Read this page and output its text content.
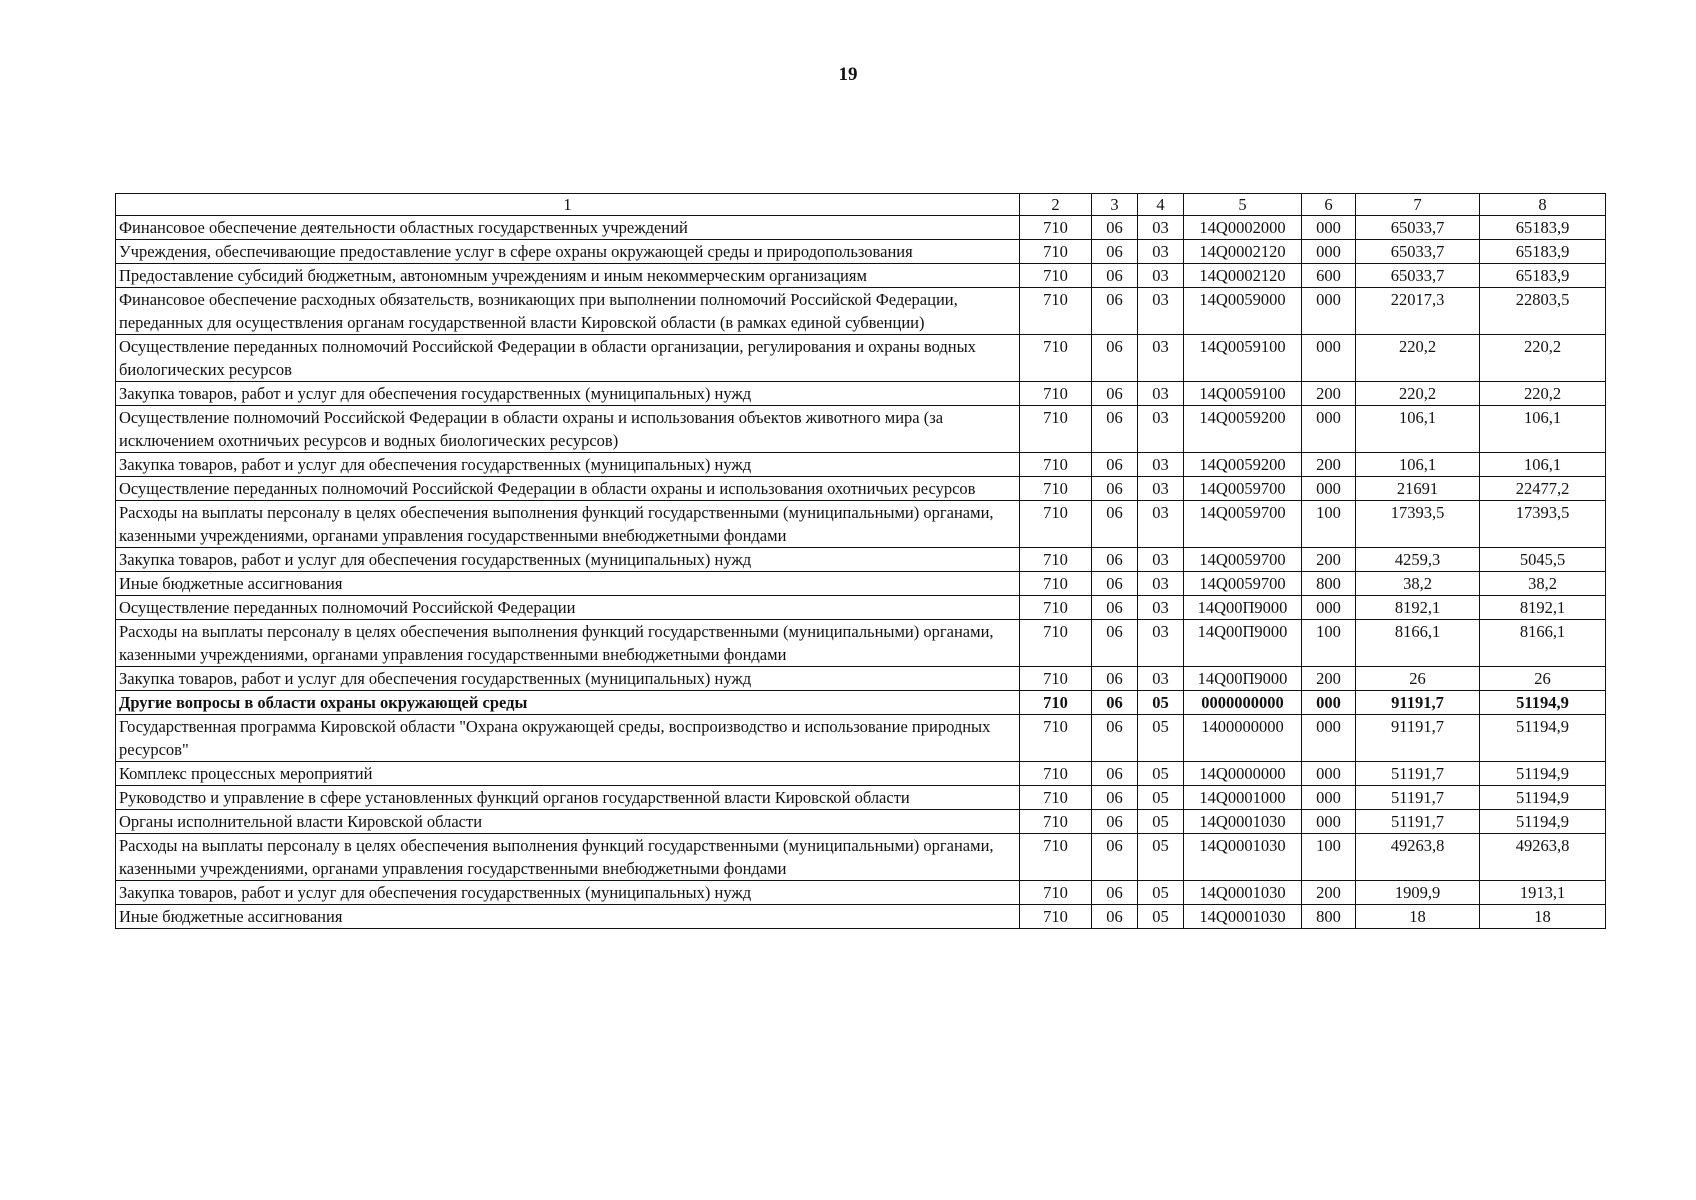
19
1	2	3	4	5	6	7	8
Финансовое обеспечение деятельности областных государственных учреждений	710	06	03	14Q0002000	000	65033,7	65183,9
Учреждения, обеспечивающие предоставление услуг в сфере охраны окружающей среды и природопользования	710	06	03	14Q0002120	000	65033,7	65183,9
Предоставление субсидий бюджетным, автономным учреждениям и иным некоммерческим организациям	710	06	03	14Q0002120	600	65033,7	65183,9
Финансовое обеспечение расходных обязательств, возникающих при выполнении полномочий Российской Федерации, переданных для осуществления органам государственной власти Кировской области (в рамках единой субвенции)	710	06	03	14Q0059000	000	22017,3	22803,5
Осуществление переданных полномочий Российской Федерации в области организации, регулирования и охраны водных биологических ресурсов	710	06	03	14Q0059100	000	220,2	220,2
Закупка товаров, работ и услуг для обеспечения государственных (муниципальных) нужд	710	06	03	14Q0059100	200	220,2	220,2
Осуществление полномочий Российской Федерации в области охраны и использования объектов животного мира (за исключением охотничьих ресурсов и водных биологических ресурсов)	710	06	03	14Q0059200	000	106,1	106,1
Закупка товаров, работ и услуг для обеспечения государственных (муниципальных) нужд	710	06	03	14Q0059200	200	106,1	106,1
Осуществление переданных полномочий Российской Федерации в области охраны и использования охотничьих ресурсов	710	06	03	14Q0059700	000	21691	22477,2
Расходы на выплаты персоналу в целях обеспечения выполнения функций государственными (муниципальными) органами, казенными учреждениями, органами управления государственными внебюджетными фондами	710	06	03	14Q0059700	100	17393,5	17393,5
Закупка товаров, работ и услуг для обеспечения государственных (муниципальных) нужд	710	06	03	14Q0059700	200	4259,3	5045,5
Иные бюджетные ассигнования	710	06	03	14Q0059700	800	38,2	38,2
Осуществление переданных полномочий Российской Федерации	710	06	03	14Q00П9000	000	8192,1	8192,1
Расходы на выплаты персоналу в целях обеспечения выполнения функций государственными (муниципальными) органами, казенными учреждениями, органами управления государственными внебюджетными фондами	710	06	03	14Q00П9000	100	8166,1	8166,1
Закупка товаров, работ и услуг для обеспечения государственных (муниципальных) нужд	710	06	03	14Q00П9000	200	26	26
Другие вопросы в области охраны окружающей среды	710	06	05	0000000000	000	91191,7	51194,9
Государственная программа Кировской области "Охрана окружающей среды, воспроизводство и использование природных ресурсов"	710	06	05	1400000000	000	91191,7	51194,9
Комплекс процессных мероприятий	710	06	05	14Q0000000	000	51191,7	51194,9
Руководство и управление в сфере установленных функций органов государственной власти Кировской области	710	06	05	14Q0001000	000	51191,7	51194,9
Органы исполнительной власти Кировской области	710	06	05	14Q0001030	000	51191,7	51194,9
Расходы на выплаты персоналу в целях обеспечения выполнения функций государственными (муниципальными) органами, казенными учреждениями, органами управления государственными внебюджетными фондами	710	06	05	14Q0001030	100	49263,8	49263,8
Закупка товаров, работ и услуг для обеспечения государственных (муниципальных) нужд	710	06	05	14Q0001030	200	1909,9	1913,1
Иные бюджетные ассигнования	710	06	05	14Q0001030	800	18	18
